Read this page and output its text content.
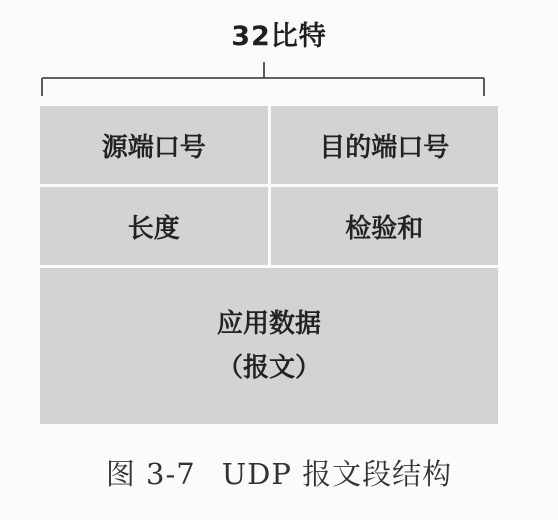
32比特
源端口号	目的端口号
长度	检验和
应用数据
（报文）
图 3-7 UDP 报文段结构
